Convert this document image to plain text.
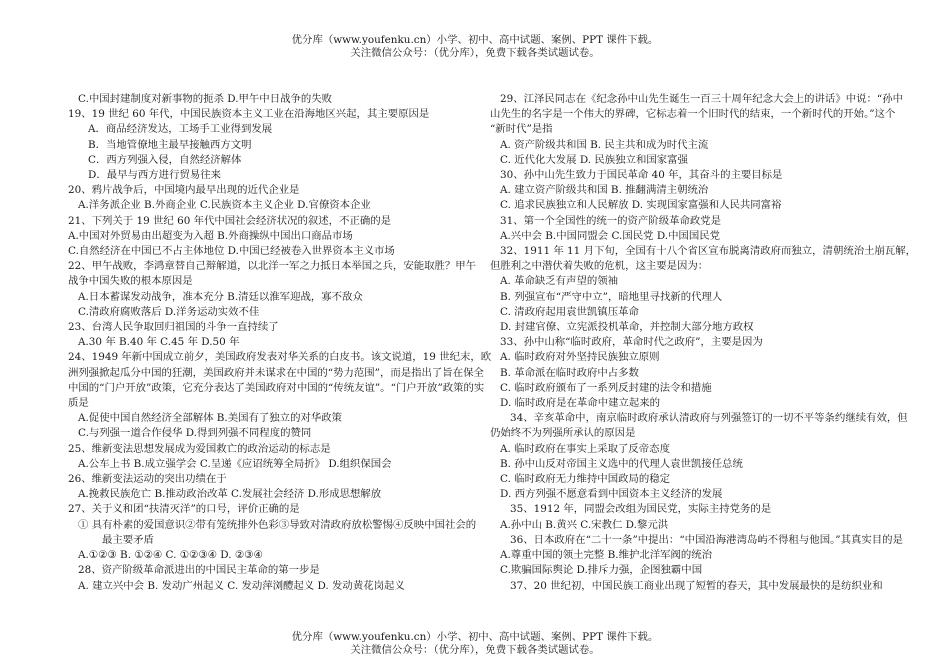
优分库（www.youfenku.cn）小学、初中、高中试题、案例、PPT 课件下载。
关注微信公众号：（优分库），免费下载各类试题试卷。
C.中国封建制度对新事物的扼杀 D.甲午中日战争的失败
19、19 世纪 60 年代，中国民族资本主义工业在沿海地区兴起，其主要原因是
A．商品经济发达，工场手工业得到发展
B．当地管僚地主最早接触西方文明
C．西方列强入侵，自然经济解体
D．最早与西方进行贸易往来
20、鸦片战争后，中国境内最早出现的近代企业是
A.洋务派企业 B.外商企业 C.民族资本主义企业 D.官僚资本企业
21、下列关于 19 世纪 60 年代中国社会经济状况的叙述，不正确的是
A.中国对外贸易由出超变为入超 B.外商操纵中国出口商品市场
C.自然经济在中国已不占主体地位 D.中国已经被卷入世界资本主义市场
22、甲午战败，李鸿章替自己辩解道，以北洋一军之力抵日本举国之兵，安能取胜？甲午
战争中国失败的根本原因是
A.日本蓄谋发动战争，准本充分 B.清廷以淮军迎战，寡不敌众
C.清政府腐败落后 D.洋务运动实效不佳
23、台湾人民争取回归祖国的斗争一直持续了
A.30 年 B.40 年 C.45 年 D.50 年
24、1949 年新中国成立前夕，美国政府发表对华关系的白皮书。该文说道，19 世纪末，欧
洲列强掀起瓜分中国的狂潮，美国政府并未谋求在中国的“势力范围”，而是指出了旨在保全
中国的“门户开放”政策，它充分表达了美国政府对中国的“传统友谊”。“门户开放”政策的实
质是
A.促使中国自然经济全部解体 B.美国有了独立的对华政策
C.与列强一道合作侵华 D.得到列强不同程度的赞同
25、维新变法思想发展成为爱国救亡的政治运动的标志是
A.公车上书 B.成立强学会 C.呈递《应诏统筹全局折》 D.组织保国会
26、维新变法运动的突出功绩在于
A.挽救民族危亡 B.推动政治改革 C.发展社会经济 D.形成思想解放
27、关于义和团“扶清灭洋”的口号，评价正确的是
① 具有朴素的爱国意识②带有笼统排外色彩③导致对清政府放松警惕④反映中国社会的
最主要矛盾
A.①②③ B. ①②④ C. ①②③④ D. ②③④
28、资产阶级革命派进出的中国民主革命的第一步是
A. 建立兴中会 B. 发动广州起义 C. 发动萍浏醴起义 D. 发动黄花岗起义
29、江泽民同志在《纪念孙中山先生诞生一百三十周年纪念大会上的讲话》中说：“孙中
山先生的名字是一个伟大的界碑，它标志着一个旧时代的结束，一个新时代的开始。”这个
“新时代”是指
A. 资产阶级共和国 B. 民主共和成为时代主流
C. 近代化大发展 D. 民族独立和国家富强
30、孙中山先生致力于国民革命 40 年，其奋斗的主要目标是
A. 建立资产阶级共和国 B. 推翻满清主朝统治
C. 追求民族独立和人民解放 D. 实现国家富强和人民共同富裕
31、第一个全国性的统一的资产阶级革命政党是
A.兴中会 B.中国同盟会 C.国民党 D.中国国民党
32、1911 年 11 月下旬，全国有十八个省区宣布脱离清政府而独立，清朝统治土崩瓦解，
但胜利之中潜伏着失败的危机，这主要是因为：
A. 革命缺乏有声望的领袖
B. 列强宣布“严守中立”，暗地里寻找新的代理人
C. 清政府起用袁世凯镇压革命
D. 封建官僚、立宪派投机革命，并控制大部分地方政权
33、孙中山称“临时政府，革命时代之政府”，主要是因为
A. 临时政府对外坚持民族独立原则
B. 革命派在临时政府中占多数
C. 临时政府颁布了一系列反封建的法令和措施
D. 临时政府是在革命中建立起来的
34、辛亥革命中，南京临时政府承认清政府与列强签订的一切不平等条约继续有效，但
仍始终不为列强所承认的原因是
A. 临时政府在事实上采取了反帝态度
B. 孙中山反对帝国主义选中的代理人袁世凯接任总统
C. 临时政府无力维持中国政局的稳定
D. 西方列强不愿意看到中国资本主义经济的发展
35、1912 年，同盟会改组为国民党，实际主持党务的是
A.孙中山 B.黄兴 C.宋教仁 D.黎元洪
36、日本政府在“二十一条”中提出：“中国沿海港湾岛屿不得租与他国。”其真实目的是
A.尊重中国的领土完整 B.维护北洋军阀的统治
C.欺骗国际舆论 D.排斥力强，企图独霸中国
37、20 世纪初，中国民族工商业出现了短暂的春天，其中发展最快的是纺织业和
优分库（www.youfenku.cn）小学、初中、高中试题、案例、PPT 课件下载。
关注微信公众号：（优分库），免费下载各类试题试卷。
